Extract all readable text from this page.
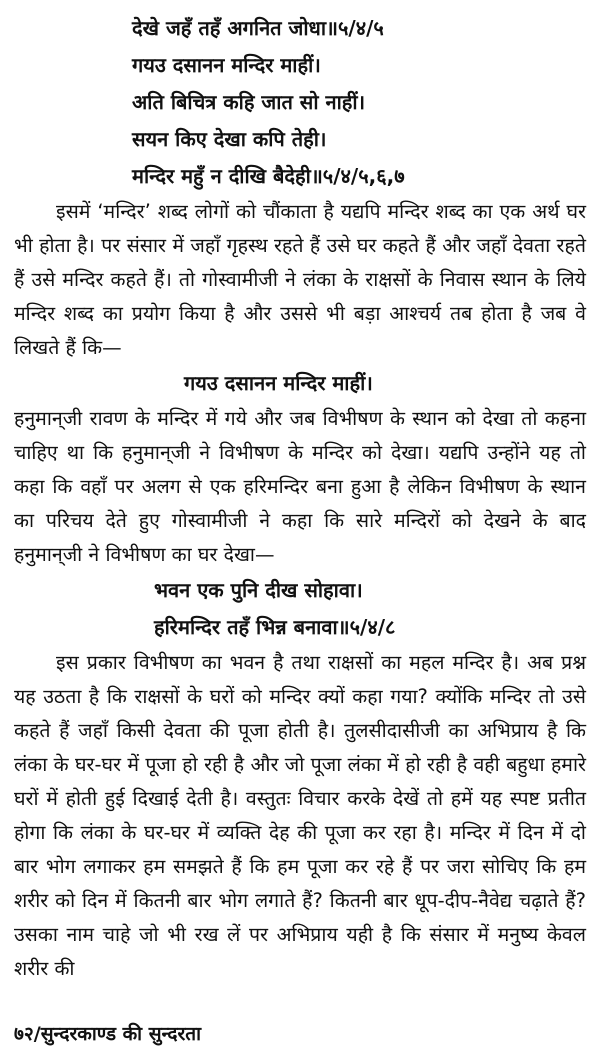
देखे जहँ तहँ अगनित जोधा॥५/४/५

गयउ दसानन मन्दिर माहीं।

अति बिचित्र कहि जात सो नाहीं।

सयन किए देखा कपि तेही।

मन्दिर महुँ न दीखि बैदेही॥५/४/५,६,७

इसमें ‘मन्दिर’ शब्द लोगों को चौंकाता है यद्यपि मन्दिर शब्द का एक अर्थ घर भी होता है। पर संसार में जहाँ गृहस्थ रहते हैं उसे घर कहते हैं और जहाँ देवता रहते हैं उसे मन्दिर कहते हैं। तो गोस्वामीजी ने लंका के राक्षसों के निवास स्थान के लिये मन्दिर शब्द का प्रयोग किया है और उससे भी बड़ा आश्चर्य तब होता है जब वे लिखते हैं कि—

गयउ दसानन मन्दिर माहीं।

हनुमान्‌जी रावण के मन्दिर में गये और जब विभीषण के स्थान को देखा तो कहना चाहिए था कि हनुमान्‌जी ने विभीषण के मन्दिर को देखा। यद्यपि उन्होंने यह तो कहा कि वहाँ पर अलग से एक हरिमन्दिर बना हुआ है लेकिन विभीषण के स्थान का परिचय देते हुए गोस्वामीजी ने कहा कि सारे मन्दिरों को देखने के बाद हनुमान्‌जी ने विभीषण का घर देखा—

भवन एक पुनि दीख सोहावा।

हरिमन्दिर तहँ भिन्न बनावा॥५/४/८

इस प्रकार विभीषण का भवन है तथा राक्षसों का महल मन्दिर है। अब प्रश्न यह उठता है कि राक्षसों के घरों को मन्दिर क्यों कहा गया? क्योंकि मन्दिर तो उसे कहते हैं जहाँ किसी देवता की पूजा होती है। तुलसीदासीजी का अभिप्राय है कि लंका के घर-घर में पूजा हो रही है और जो पूजा लंका में हो रही है वही बहुधा हमारे घरों में होती हुई दिखाई देती है। वस्तुतः विचार करके देखें तो हमें यह स्पष्ट प्रतीत होगा कि लंका के घर-घर में व्यक्ति देह की पूजा कर रहा है। मन्दिर में दिन में दो बार भोग लगाकर हम समझते हैं कि हम पूजा कर रहे हैं पर जरा सोचिए कि हम शरीर को दिन में कितनी बार भोग लगाते हैं? कितनी बार धूप-दीप-नैवेद्य चढ़ाते हैं? उसका नाम चाहे जो भी रख लें पर अभिप्राय यही है कि संसार में मनुष्य केवल शरीर की

७२/सुन्दरकाण्ड की सुन्दरता
